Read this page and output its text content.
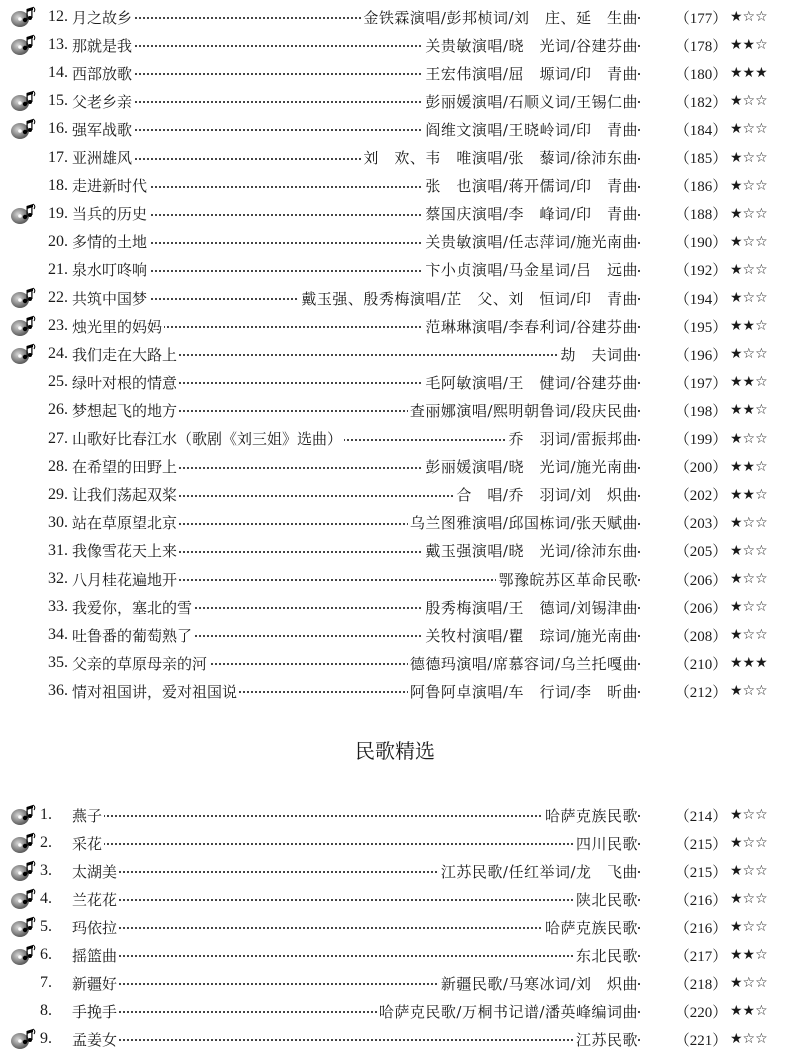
12. 月之故乡	金铁霖演唱/彭邦桢词/刘　庄、延　生曲	（177） ★☆☆
13. 那就是我	关贵敏演唱/晓　光词/谷建芬曲	（178） ★★☆
14. 西部放歌	王宏伟演唱/屈　塬词/印　青曲	（180） ★★★
15. 父老乡亲	彭丽媛演唱/石顺义词/王锡仁曲	（182） ★☆☆
16. 强军战歌	阎维文演唱/王晓岭词/印　青曲	（184） ★☆☆
17. 亚洲雄风	刘　欢、韦　唯演唱/张　藜词/徐沛东曲	（185） ★☆☆
18. 走进新时代	张　也演唱/蒋开儒词/印　青曲	（186） ★☆☆
19. 当兵的历史	蔡国庆演唱/李　峰词/印　青曲	（188） ★☆☆
20. 多情的土地	关贵敏演唱/任志萍词/施光南曲	（190） ★☆☆
21. 泉水叮咚响	卞小贞演唱/马金星词/吕　远曲	（192） ★☆☆
22. 共筑中国梦	戴玉强、殷秀梅演唱/芷　父、刘　恒词/印　青曲	（194） ★☆☆
23. 烛光里的妈妈	范琳琳演唱/李春利词/谷建芬曲	（195） ★★☆
24. 我们走在大路上	劫　夫词曲	（196） ★☆☆
25. 绿叶对根的情意	毛阿敏演唱/王　健词/谷建芬曲	（197） ★★☆
26. 梦想起飞的地方	查丽娜演唱/熙明朝鲁词/段庆民曲	（198） ★★☆
27. 山歌好比春江水（歌剧《刘三姐》选曲）	乔　羽词/雷振邦曲	（199） ★☆☆
28. 在希望的田野上	彭丽媛演唱/晓　光词/施光南曲	（200） ★★☆
29. 让我们荡起双桨	合　唱/乔　羽词/刘　炽曲	（202） ★★☆
30. 站在草原望北京	乌兰图雅演唱/邱国栋词/张天赋曲	（203） ★☆☆
31. 我像雪花天上来	戴玉强演唱/晓　光词/徐沛东曲	（205） ★☆☆
32. 八月桂花遍地开	鄂豫皖苏区革命民歌	（206） ★☆☆
33. 我爱你，塞北的雪	殷秀梅演唱/王　德词/刘锡津曲	（206） ★☆☆
34. 吐鲁番的葡萄熟了	关牧村演唱/瞿　琮词/施光南曲	（208） ★☆☆
35. 父亲的草原母亲的河	德德玛演唱/席慕容词/乌兰托嘎曲	（210） ★★★
36. 情对祖国讲，爱对祖国说	阿鲁阿卓演唱/车　行词/李　昕曲	（212） ★☆☆
民歌精选
1.	燕子	哈萨克族民歌	（214） ★☆☆
2.	采花	四川民歌	（215） ★☆☆
3.	太湖美	江苏民歌/任红举词/龙　飞曲	（215） ★☆☆
4.	兰花花	陕北民歌	（216） ★☆☆
5.	玛依拉	哈萨克族民歌	（216） ★☆☆
6.	摇篮曲	东北民歌	（217） ★★☆
7.	新疆好	新疆民歌/马寒冰词/刘　炽曲	（218） ★☆☆
8.	手挽手	哈萨克民歌/万桐书记谱/潘英峰编词曲	（220） ★★☆
9.	孟姜女	江苏民歌	（221） ★☆☆
